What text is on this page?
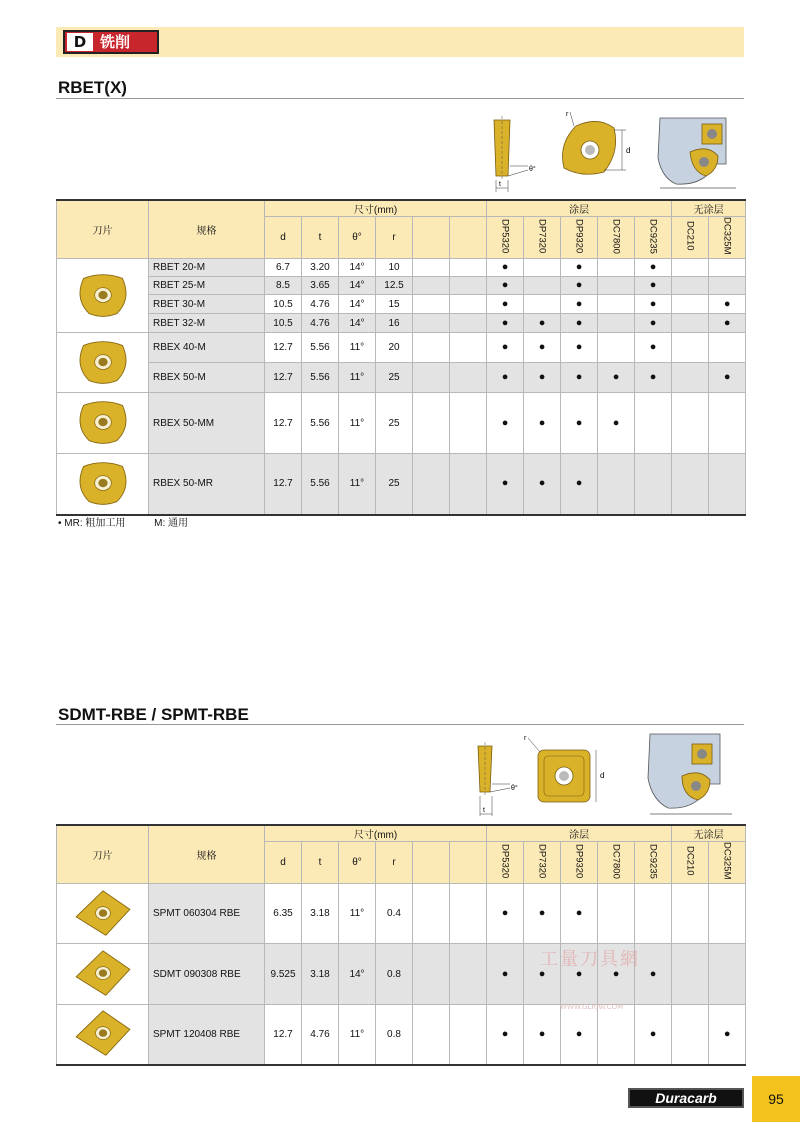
D 铣削
RBET(X)
t
θ°
r
d
刀片	规格	尺寸(mm)						涂层					无涂层	
		d	t	θ°	r			DP5320	DP7320	DP9320	DC7800	DC9235	DC210	DC325M

	RBET 20-M	6.7	3.20	14°	10			●		●		●		
	RBET 25-M	8.5	3.65	14°	12.5			●		●		●		
	RBET 30-M	10.5	4.76	14°	15			●		●		●		●
	RBET 32-M	10.5	4.76	14°	16			●	●	●		●		●

	RBEX 40-M	12.7	5.56	11°	20			●	●	●		●		
	RBEX 50-M	12.7	5.56	11°	25			●	●	●	●	●		●

	RBEX 50-MM	12.7	5.56	11°	25			●	●	●	●			

	RBEX 50-MR	12.7	5.56	11°	25			●	●	●				
• MR: 粗加工用	M: 通用
SDMT-RBE / SPMT-RBE
t
θ°
r
d
刀片	规格	尺寸(mm)						涂层					无涂层	
		d	t	θ°	r			DP5320	DP7320	DP9320	DC7800	DC9235	DC210	DC325M

	SPMT 060304 RBE	6.35	3.18	11°	0.4			●	●	●				

	SDMT 090308 RBE	9.525	3.18	14°	0.8			●	●	●	●	●		

	SPMT 120408 RBE	12.7	4.76	11°	0.8			●	●	●		●		●
工量刀具網
WWW.GLRJW.COM
Duracarb	95
